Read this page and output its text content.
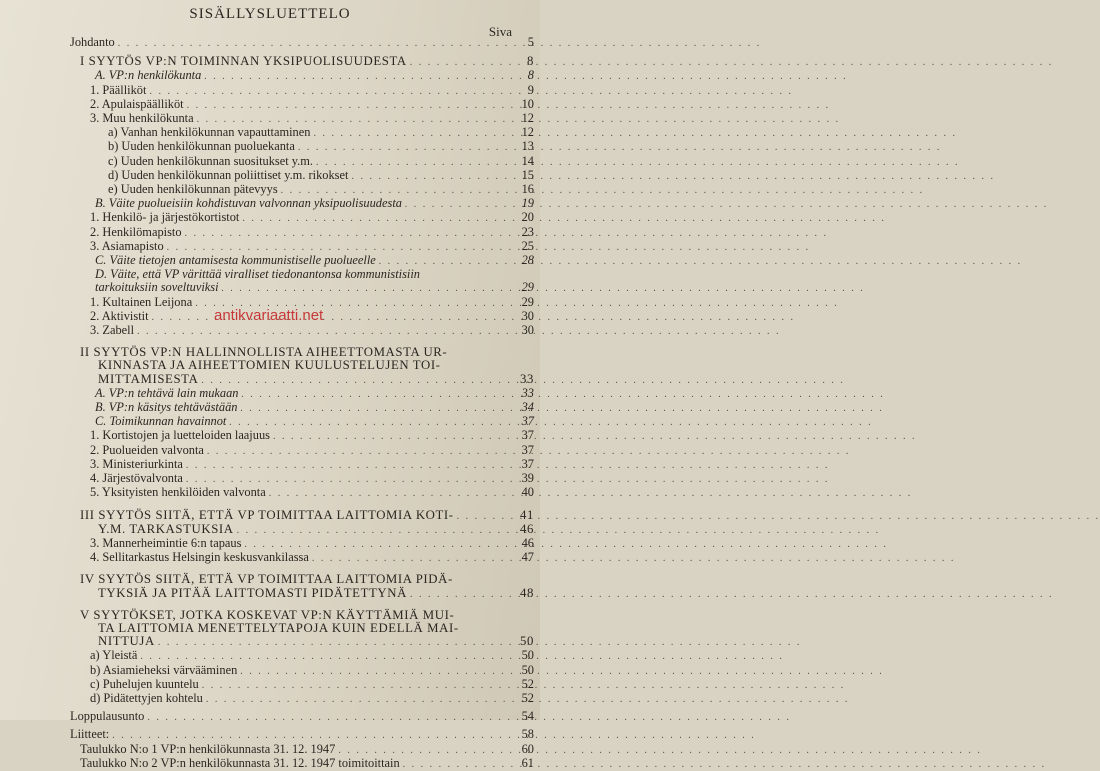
SISÄLLYSLUETTELO
Siva
Johdanto . . .	5
I SYYTÖS VP:N TOIMINNAN YKSIPUOLISUUDESTA . . .	8
A. VP:n henkilökunta . . .	8
1. Päälliköt . . .	9
2. Apulaispäälliköt . . .	10
3. Muu henkilökunta . . .	12
a) Vanhan henkilökunnan vapauttaminen . . .	12
b) Uuden henkilökunnan puoluekanta . . .	13
c) Uuden henkilökunnan suositukset y.m. . . .	14
d) Uuden henkilökunnan poliittiset y.m. rikokset . . .	15
e) Uuden henkilökunnan pätevyys . . .	16
B. Väite puolueisiin kohdistuvan valvonnan yksipuolisuudesta . . .	19
1. Henkilö- ja järjestökortistot . . .	20
2. Henkilömapisto . . .	23
3. Asiamapisto . . .	25
C. Väite tietojen antamisesta kommunistiselle puolueelle . . .	28
D. Väite, että VP värittää viralliset tiedonantonsa kommunistisiin
tarkoituksiin soveltuviksi . . .	29
1. Kultainen Leijona . . .	29
2. Aktivistit . . .	30
3. Zabell . . .	30
II SYYTÖS VP:N HALLINNOLLISTA AIHEETTOMASTA UR-
KINNASTA JA AIHEETTOMIEN KUULUSTELUJEN TOI-
MITTAMISESTA . . .	33
A. VP:n tehtävä lain mukaan . . .	33
B. VP:n käsitys tehtävästään . . .	34
C. Toimikunnan havainnot . . .	37
1. Kortistojen ja luetteloiden laajuus . . .	37
2. Puolueiden valvonta . . .	37
3. Ministeriurkinta . . .	37
4. Järjestövalvonta . . .	39
5. Yksityisten henkilöiden valvonta . . .	40
III SYYTÖS SIITÄ, ETTÄ VP TOIMITTAA LAITTOMIA KOTI- . . .	41
Y.M. TARKASTUKSIA . . .	46
3. Mannerheimintie 6:n tapaus . . .	46
4. Sellitarkastus Helsingin keskusvankilassa . . .	47
IV SYYTÖS SIITÄ, ETTÄ VP TOIMITTAA LAITTOMIA PIDÄ-
TYKSIÄ JA PITÄÄ LAITTOMASTI PIDÄTETTYNÄ . . .	48
V SYYTÖKSET, JOTKA KOSKEVAT VP:N KÄYTTÄMIÄ MUI-
TA LAITTOMIA MENETTELYTAPOJA KUIN EDELLÄ MAI-
NITTUJA . . .	50
a) Yleistä . . .	50
b) Asiamieheksi värvääminen . . .	50
c) Puhelujen kuuntelu . . .	52
d) Pidätettyjen kohtelu . . .	52
Loppulausunto . . .	54
Liitteet: . . .	58
Taulukko N:o 1 VP:n henkilökunnasta 31. 12. 1947 . . .	60
Taulukko N:o 2 VP:n henkilökunnasta 31. 12. 1947 toimitoittain . . .	61
antikvariaatti.net
